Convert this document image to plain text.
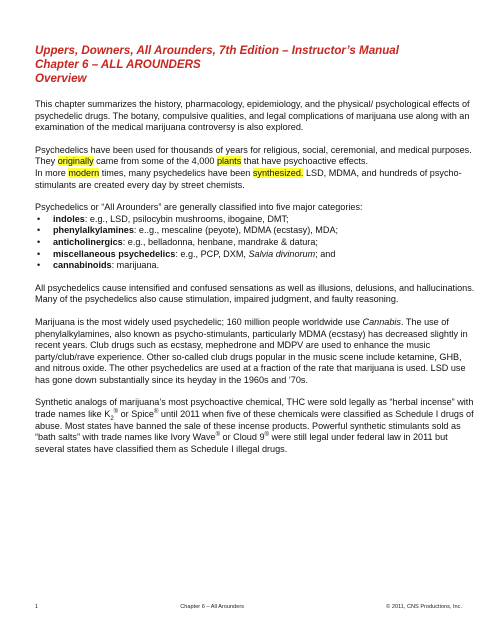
Uppers, Downers, All Arounders, 7th Edition – Instructor’s Manual

Chapter 6 – ALL AROUNDERS

Overview

This chapter summarizes the history, pharmacology, epidemiology, and the physical/ psychological effects of psychedelic drugs. The botany, compulsive qualities, and legal complications of marijuana use along with an examination of the medical marijuana controversy is also explored.

Psychedelics have been used for thousands of years for religious, social, ceremonial, and medical purposes. They originally came from some of the 4,000 plants that have psychoactive effects.
In more modern times, many psychedelics have been synthesized. LSD, MDMA, and hundreds of psycho-stimulants are created every day by street chemists.

Psychedelics or “All Arounders” are generally classified into five major categories:

• indoles: e.g., LSD, psilocybin mushrooms, ibogaine, DMT;
• phenylalkylamines: e..g., mescaline (peyote), MDMA (ecstasy), MDA;
• anticholinergics: e.g., belladonna, henbane, mandrake & datura;
• miscellaneous psychedelics: e.g., PCP, DXM, Salvia divinorum; and
• cannabinoids: marijuana.

All psychedelics cause intensified and confused sensations as well as illusions, delusions, and hallucinations. Many of the psychedelics also cause stimulation, impaired judgment, and faulty reasoning.

Marijuana is the most widely used psychedelic; 160 million people worldwide use Cannabis. The use of phenylalkylamines, also known as psycho-stimulants, particularly MDMA (ecstasy) has decreased slightly in recent years. Club drugs such as ecstasy, mephedrone and MDPV are used to enhance the music party/club/rave experience. Other so-called club drugs popular in the music scene include ketamine, GHB, and nitrous oxide. The other psychedelics are used at a fraction of the rate that marijuana is used. LSD use has gone down substantially since its heyday in the 1960s and ’70s.

Synthetic analogs of marijuana’s most psychoactive chemical, THC were sold legally as “herbal incense” with trade names like $K_2®$ or Spice® until 2011 when five of these chemicals were classified as Schedule I drugs of abuse. Most states have banned the sale of these incense products. Powerful synthetic stimulants sold as “bath salts” with trade names like Ivory Wave® or Cloud 9® were still legal under federal law in 2011 but several states have classified them as Schedule I illegal drugs.

1	Chapter 6 – All Arounders	© 2011, CNS Productions, Inc.
